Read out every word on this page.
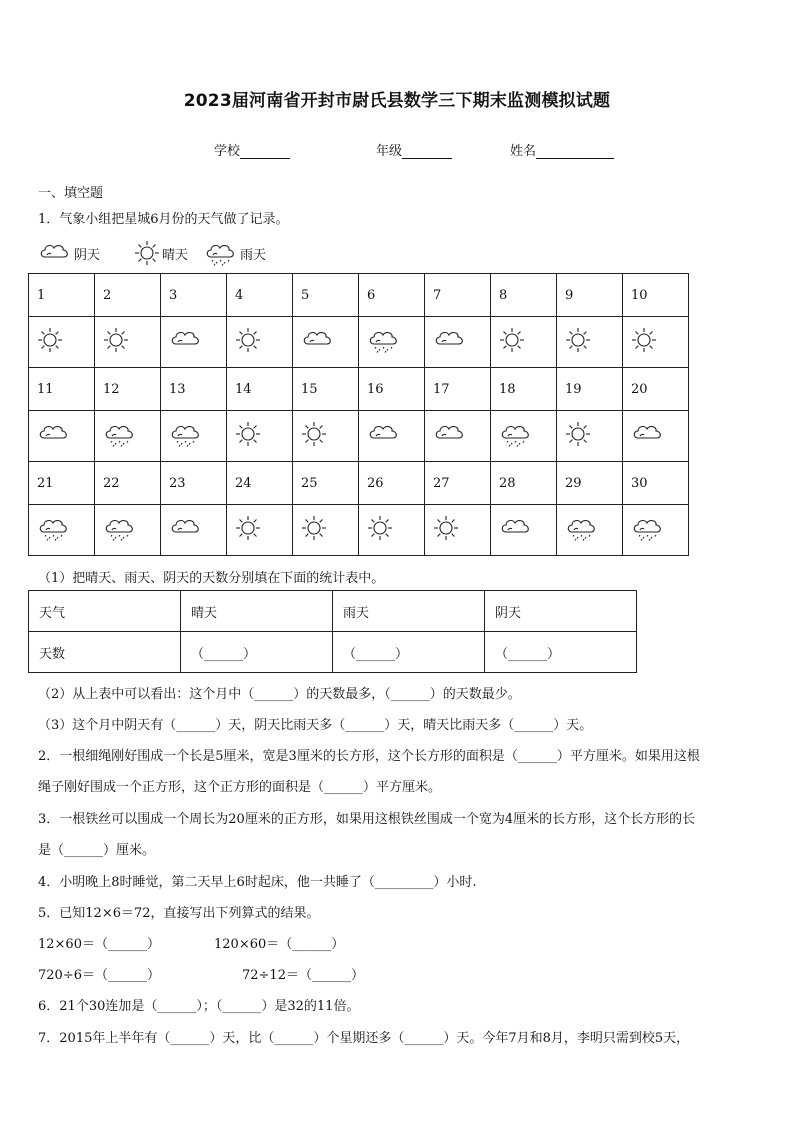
2023届河南省开封市尉氏县数学三下期末监测模拟试题
学校	年级	姓名
一、填空题
1．气象小组把星城6月份的天气做了记录。
阴天	晴天	雨天
1	2	3	4	5	6	7	8	9	10

11	12	13	14	15	16	17	18	19	20

21	22	23	24	25	26	27	28	29	30

（1）把晴天、雨天、阴天的天数分别填在下面的统计表中。
天气	晴天	雨天	阴天
天数	（______）	（______）	（______）
（2）从上表中可以看出：这个月中（______）的天数最多，（______）的天数最少。
（3）这个月中阴天有（______）天，阴天比雨天多（______）天，晴天比雨天多（______）天。
2．一根细绳刚好围成一个长是5厘米，宽是3厘米的长方形，这个长方形的面积是（______）平方厘米。如果用这根
绳子刚好围成一个正方形，这个正方形的面积是（______）平方厘米。
3．一根铁丝可以围成一个周长为20厘米的正方形，如果用这根铁丝围成一个宽为4厘米的长方形，这个长方形的长
是（______）厘米。
4．小明晚上8时睡觉，第二天早上6时起床，他一共睡了（_________）小时.
5．已知12×6＝72，直接写出下列算式的结果。
12×60＝（______）	120×60＝（______）
720÷6＝（______）	72÷12＝（______）
6．21个30连加是（______）；（______）是32的11倍。
7．2015年上半年有（______）天，比（______）个星期还多（______）天。今年7月和8月，李明只需到校5天，
